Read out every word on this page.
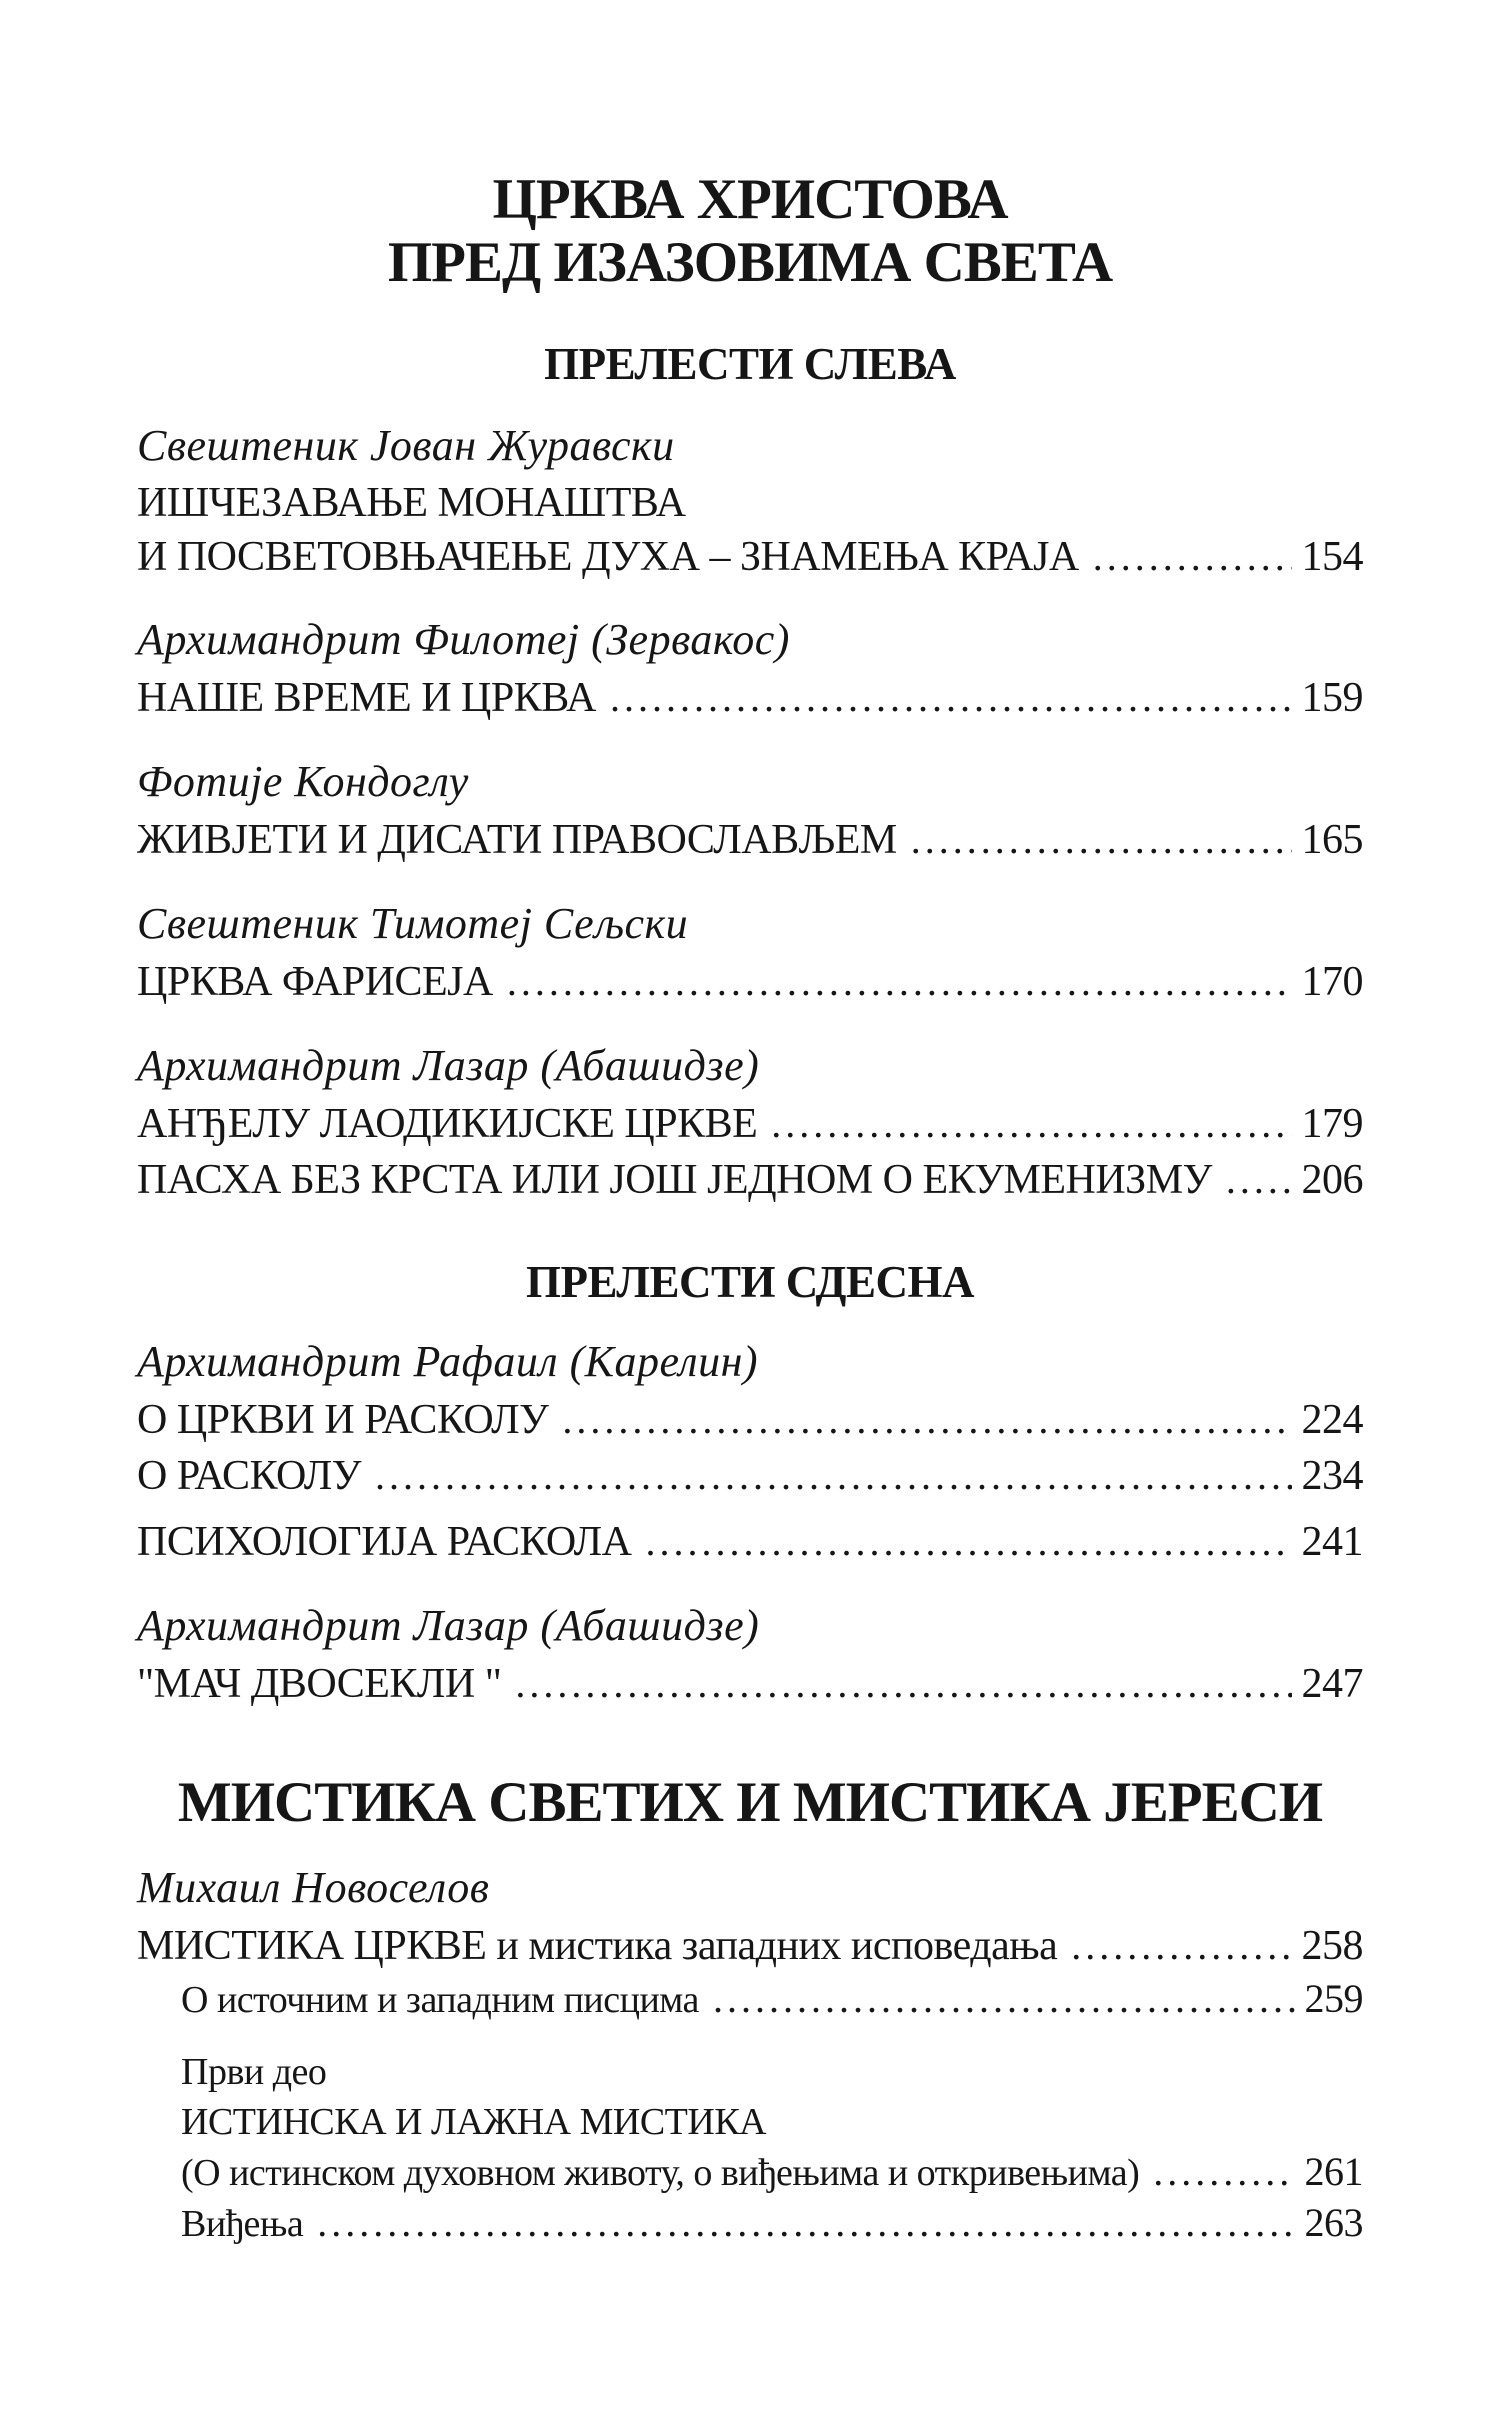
ЦРКВА ХРИСТОВА
ПРЕД ИЗАЗОВИМА СВЕТА
ПРЕЛЕСТИ СЛЕВА
Свештеник Јован Журавски
ИШЧЕЗАВАЊЕ МОНАШТВА
И ПОСВЕТОВЊАЧЕЊЕ ДУХА – ЗНАМЕЊА КРАЈА .....	154
Архимандрит Филотеј (Зервакос)
НАШЕ ВРЕМЕ И ЦРКВА .....	159
Фотије Кондоглу
ЖИВЈЕТИ И ДИСАТИ ПРАВОСЛАВЉЕМ .....	165
Свештеник Тимотеј Сељски
ЦРКВА ФАРИСЕЈА .....	170
Архимандрит Лазар (Абашидзе)
АНЂЕЛУ ЛАОДИКИЈСКЕ ЦРКВЕ .....	179
ПАСХА БЕЗ КРСТА ИЛИ ЈОШ ЈЕДНОМ О ЕКУМЕНИЗМУ ..... 206
ПРЕЛЕСТИ СДЕСНА
Архимандрит Рафаил (Карелин)
О ЦРКВИ И РАСКОЛУ .....	224
О РАСКОЛУ .....	234
ПСИХОЛОГИЈА РАСКОЛА .....	241
Архимандрит Лазар (Абашидзе)
"МАЧ ДВОСЕКЛИ " .....	247
МИСТИКА СВЕТИХ И МИСТИКА ЈЕРЕСИ
Михаил Новоселов
МИСТИКА ЦРКВЕ и мистика западних исповедања .....	258
О источним и западним писцима .....	259
Први део
ИСТИНСКА И ЛАЖНА МИСТИКА
(О истинском духовном животу, о виђењима и откривењима) .....	261
Виђења .....	263
